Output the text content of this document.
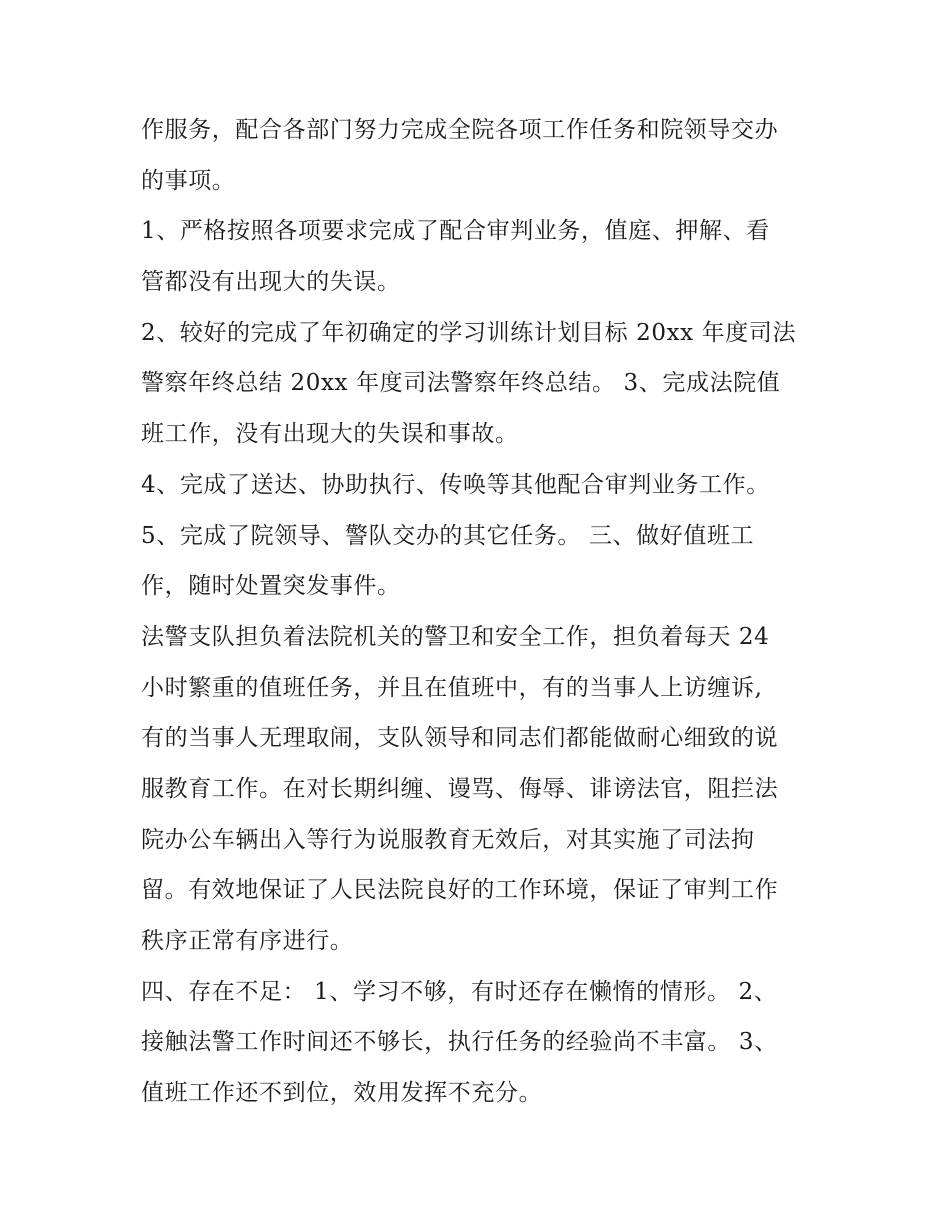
作服务，配合各部门努力完成全院各项工作任务和院领导交办
的事项。
1、严格按照各项要求完成了配合审判业务，值庭、押解、看
管都没有出现大的失误。
2、较好的完成了年初确定的学习训练计划目标 20xx 年度司法
警察年终总结 20xx 年度司法警察年终总结。 3、完成法院值
班工作，没有出现大的失误和事故。
4、完成了送达、协助执行、传唤等其他配合审判业务工作。
5、完成了院领导、警队交办的其它任务。 三、做好值班工
作，随时处置突发事件。
法警支队担负着法院机关的警卫和安全工作，担负着每天 24
小时繁重的值班任务，并且在值班中，有的当事人上访缠诉,
有的当事人无理取闹，支队领导和同志们都能做耐心细致的说
服教育工作。在对长期纠缠、谩骂、侮辱、诽谤法官，阻拦法
院办公车辆出入等行为说服教育无效后，对其实施了司法拘
留。有效地保证了人民法院良好的工作环境，保证了审判工作
秩序正常有序进行。
四、存在不足： 1、学习不够，有时还存在懒惰的情形。 2、
接触法警工作时间还不够长，执行任务的经验尚不丰富。 3、
值班工作还不到位，效用发挥不充分。
